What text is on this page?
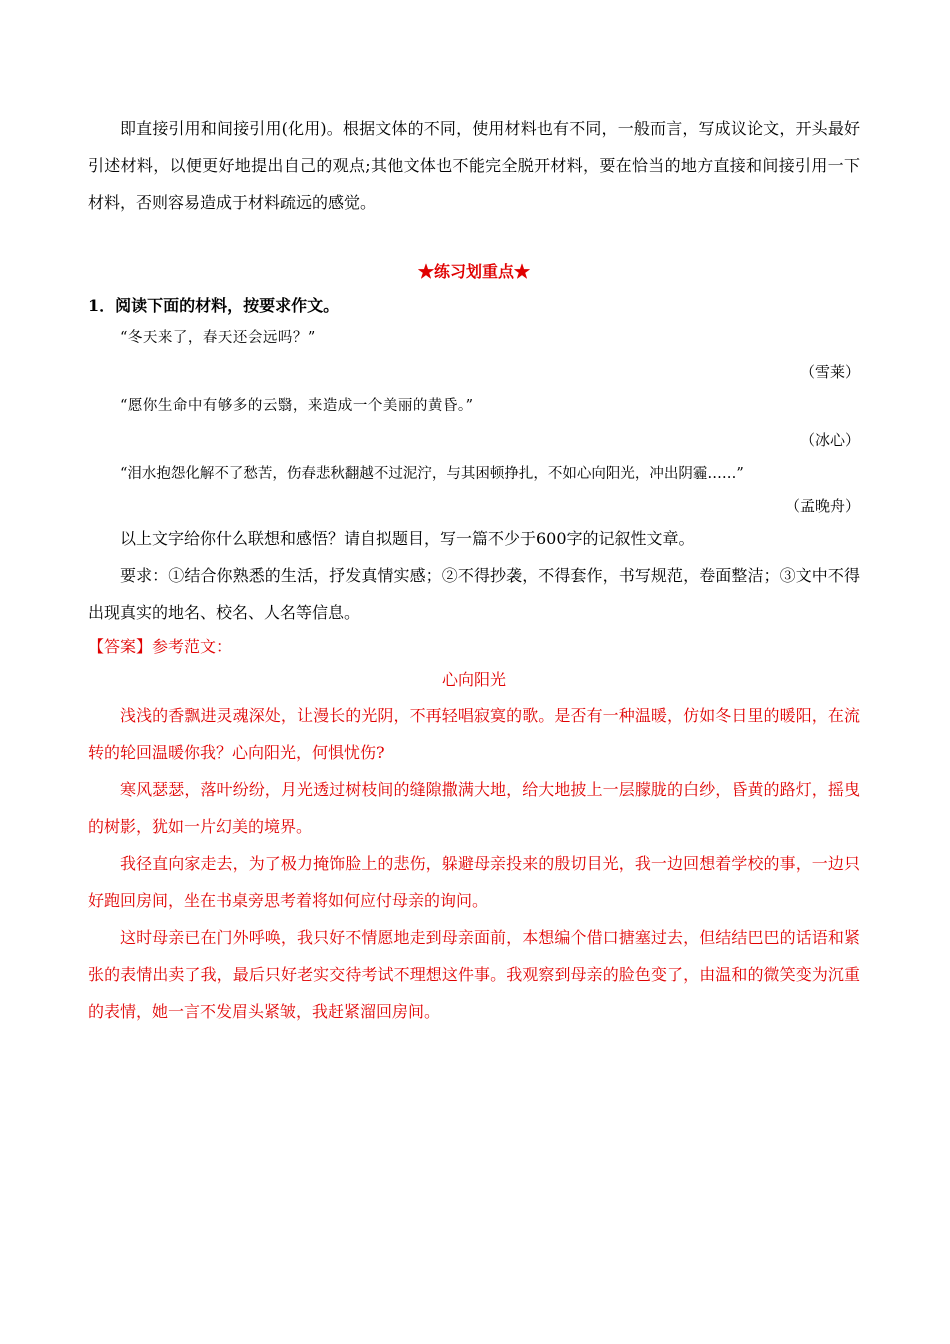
即直接引用和间接引用(化用)。根据文体的不同，使用材料也有不同，一般而言，写成议论文，开头最好引述材料，以便更好地提出自己的观点;其他文体也不能完全脱开材料，要在恰当的地方直接和间接引用一下材料，否则容易造成于材料疏远的感觉。

★练习划重点★
1．阅读下面的材料，按要求作文。

“冬天来了，春天还会远吗？”

（雪莱）

“愿你生命中有够多的云翳，来造成一个美丽的黄昏。”

（冰心）

“泪水抱怨化解不了愁苦，伤春悲秋翻越不过泥泞，与其困顿挣扎，不如心向阳光，冲出阴霾……”

（孟晚舟）

以上文字给你什么联想和感悟？请自拟题目，写一篇不少于600字的记叙性文章。

要求：①结合你熟悉的生活，抒发真情实感；②不得抄袭，不得套作，书写规范，卷面整洁；③文中不得出现真实的地名、校名、人名等信息。

【答案】参考范文：
心向阳光

浅浅的香飘进灵魂深处，让漫长的光阴，不再轻唱寂寞的歌。是否有一种温暖，仿如冬日里的暖阳，在流转的轮回温暖你我？心向阳光，何惧忧伤?

寒风瑟瑟，落叶纷纷，月光透过树枝间的缝隙撒满大地，给大地披上一层朦胧的白纱，昏黄的路灯，摇曳的树影，犹如一片幻美的境界。

我径直向家走去，为了极力掩饰脸上的悲伤，躲避母亲投来的殷切目光，我一边回想着学校的事，一边只好跑回房间，坐在书桌旁思考着将如何应付母亲的询问。

这时母亲已在门外呼唤，我只好不情愿地走到母亲面前，本想编个借口搪塞过去，但结结巴巴的话语和紧张的表情出卖了我，最后只好老实交待考试不理想这件事。我观察到母亲的脸色变了，由温和的微笑变为沉重的表情，她一言不发眉头紧皱，我赶紧溜回房间。
